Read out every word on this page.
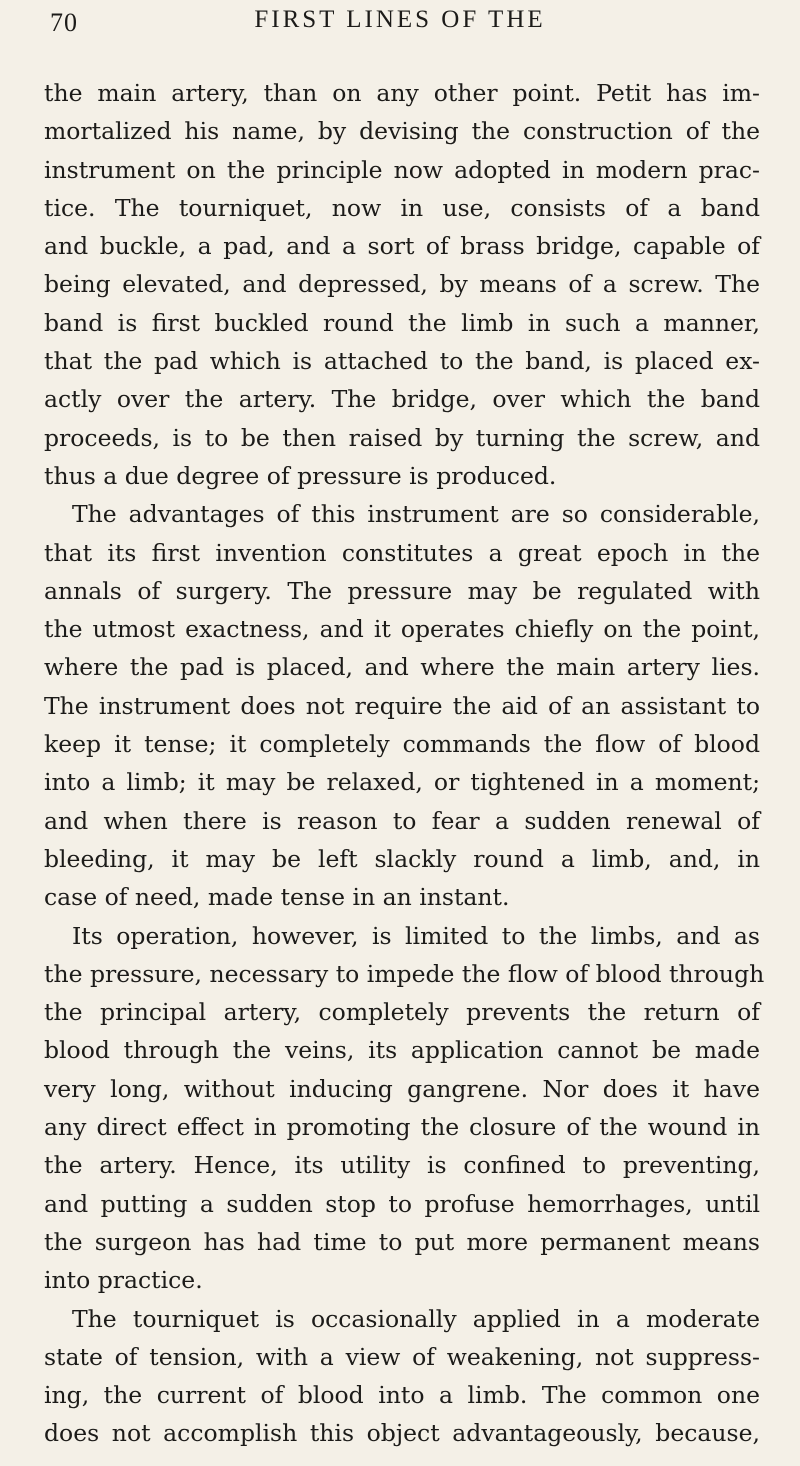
70	FIRST LINES OF THE
the main artery, than on any other point. Petit has im-
mortalized his name, by devising the construction of the
instrument on the principle now adopted in modern prac-
tice. The tourniquet, now in use, consists of a band
and buckle, a pad, and a sort of brass bridge, capable of
being elevated, and depressed, by means of a screw. The
band is first buckled round the limb in such a manner,
that the pad which is attached to the band, is placed ex-
actly over the artery. The bridge, over which the band
proceeds, is to be then raised by turning the screw, and
thus a due degree of pressure is produced.
The advantages of this instrument are so considerable,
that its first invention constitutes a great epoch in the
annals of surgery. The pressure may be regulated with
the utmost exactness, and it operates chiefly on the point,
where the pad is placed, and where the main artery lies.
The instrument does not require the aid of an assistant to
keep it tense; it completely commands the flow of blood
into a limb; it may be relaxed, or tightened in a moment;
and when there is reason to fear a sudden renewal of
bleeding, it may be left slackly round a limb, and, in
case of need, made tense in an instant.
Its operation, however, is limited to the limbs, and as
the pressure, necessary to impede the flow of blood through
the principal artery, completely prevents the return of
blood through the veins, its application cannot be made
very long, without inducing gangrene. Nor does it have
any direct effect in promoting the closure of the wound in
the artery. Hence, its utility is confined to preventing,
and putting a sudden stop to profuse hemorrhages, until
the surgeon has had time to put more permanent means
into practice.
The tourniquet is occasionally applied in a moderate
state of tension, with a view of weakening, not suppress-
ing, the current of blood into a limb. The common one
does not accomplish this object advantageously, because,
